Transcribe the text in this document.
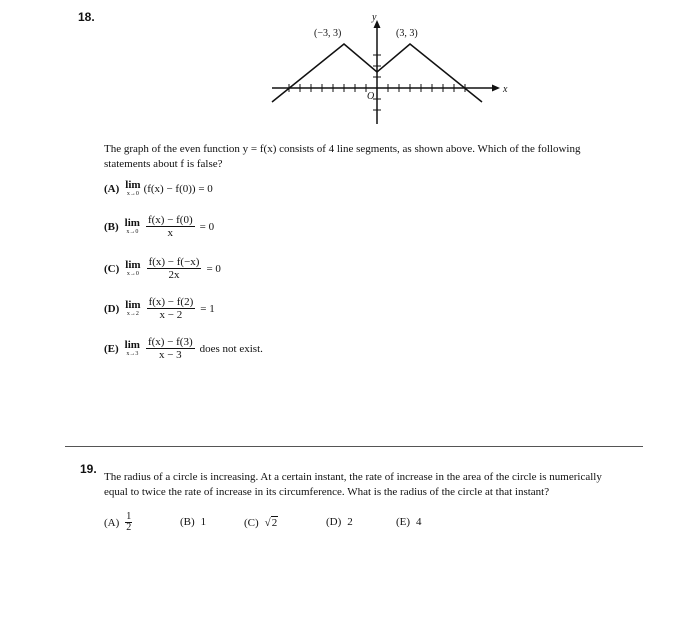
18.
(−3, 3)	(3, 3)
y
x
O
The graph of the even function y = f(x) consists of 4 line segments, as shown above. Which of the following
statements about f is false?
(A) lim
x→0 (f(x) − f(0)) = 0
(B) lim
$x\to 0 \frac{f(x) - f(0)}{x} = 0$
(C) lim
$x\to 0 \frac{f(x) - f(-x)}{2x} = 0$
(D) lim
$x\to 2 \frac{f(x) - f(2)}{x - 2} = 1$
(E) lim
$x\to 3 \frac{f(x) - f(3)}{x - 3}$ does not exist.
19.
The radius of a circle is increasing. At a certain instant, the rate of increase in the area of the circle is numerically
equal to twice the rate of increase in its circumference. What is the radius of the circle at that instant?
$(A) \frac{1}{2}$	(B) 1	(C) √ 2	(D) 2	(E) 4
